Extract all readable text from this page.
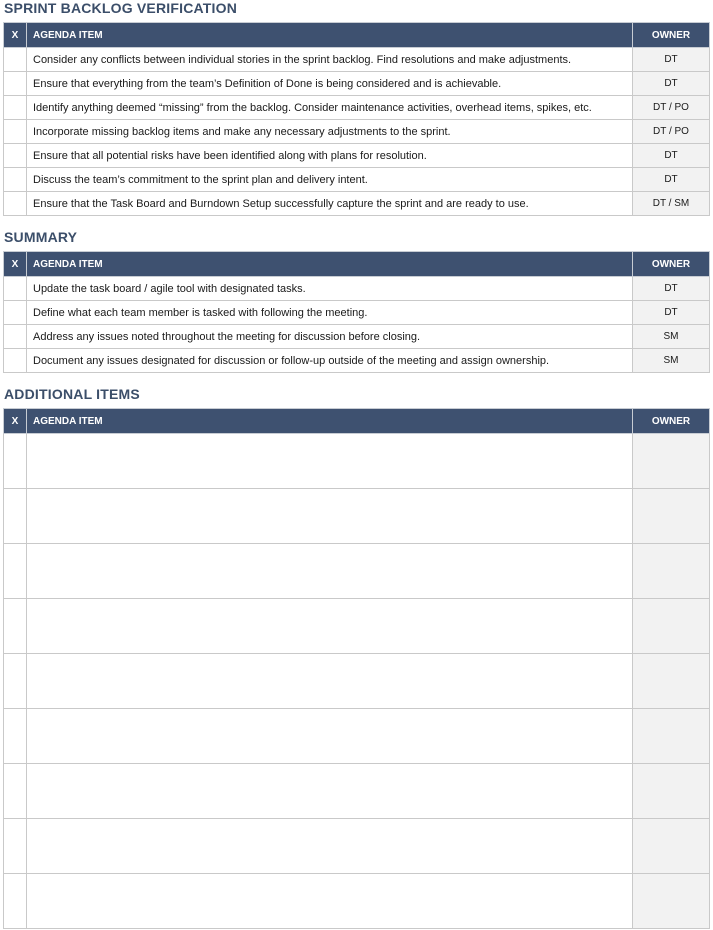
SPRINT BACKLOG VERIFICATION
X	AGENDA ITEM	OWNER
	Consider any conflicts between individual stories in the sprint backlog. Find resolutions and make adjustments.	DT
	Ensure that everything from the team’s Definition of Done is being considered and is achievable.	DT
	Identify anything deemed “missing” from the backlog. Consider maintenance activities, overhead items, spikes, etc.	DT / PO
	Incorporate missing backlog items and make any necessary adjustments to the sprint.	DT / PO
	Ensure that all potential risks have been identified along with plans for resolution.	DT
	Discuss the team’s commitment to the sprint plan and delivery intent.	DT
	Ensure that the Task Board and Burndown Setup successfully capture the sprint and are ready to use.	DT / SM
SUMMARY
X	AGENDA ITEM	OWNER
	Update the task board / agile tool with designated tasks.	DT
	Define what each team member is tasked with following the meeting.	DT
	Address any issues noted throughout the meeting for discussion before closing.	SM
	Document any issues designated for discussion or follow-up outside of the meeting and assign ownership.	SM
ADDITIONAL ITEMS
X	AGENDA ITEM	OWNER
